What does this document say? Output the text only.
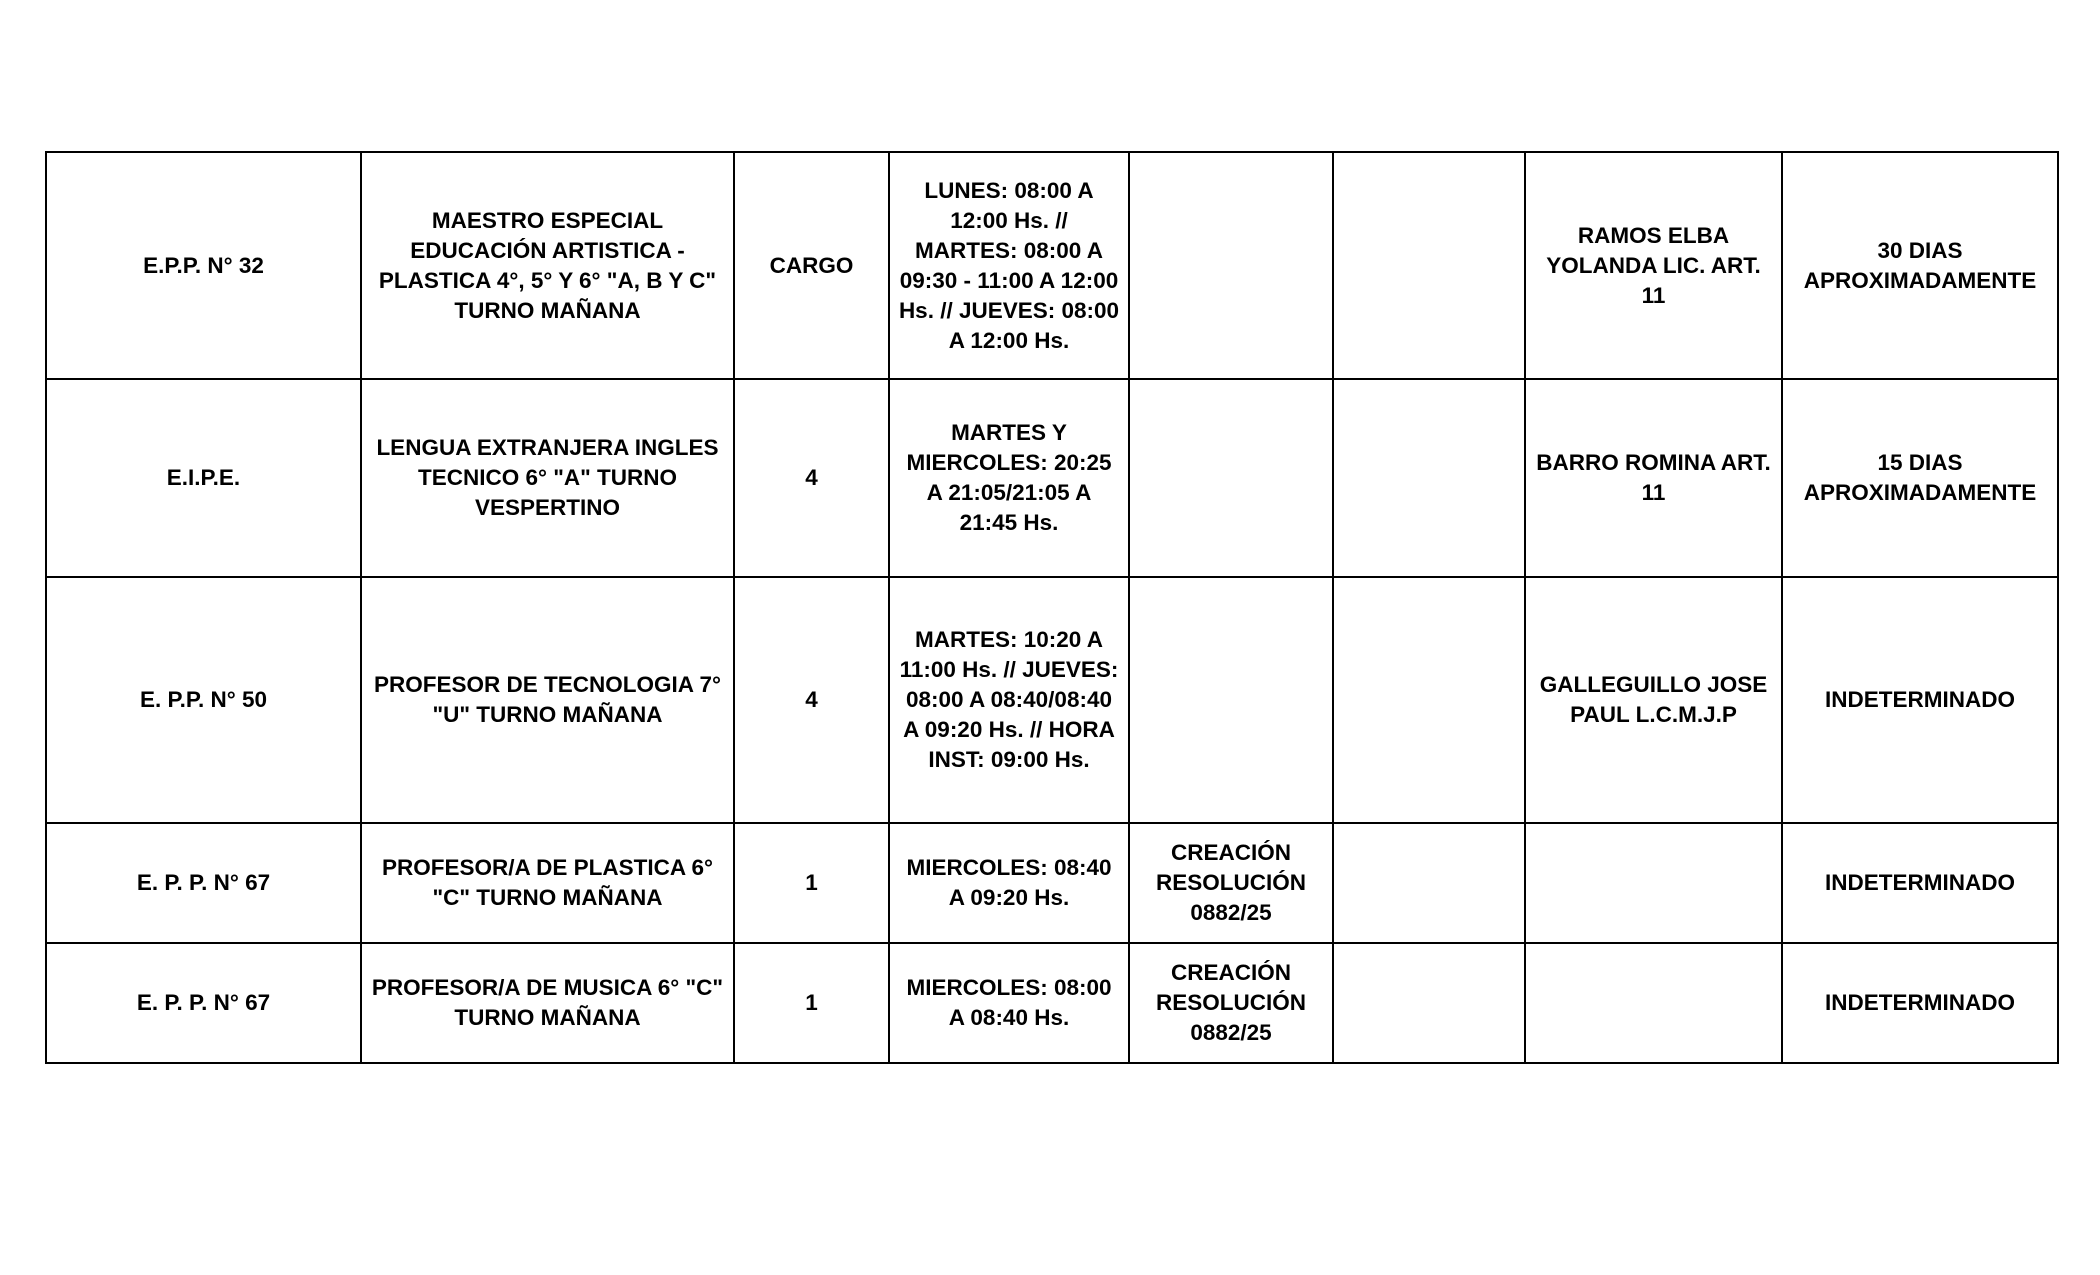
E.P.P. N° 32	MAESTRO ESPECIAL EDUCACIÓN ARTISTICA - PLASTICA 4°, 5° Y 6° "A, B Y C" TURNO MAÑANA	CARGO	LUNES: 08:00 A 12:00 Hs. // MARTES: 08:00 A 09:30 - 11:00 A 12:00 Hs. // JUEVES: 08:00 A 12:00 Hs.			RAMOS ELBA YOLANDA LIC. ART. 11	30 DIAS APROXIMADAMENTE
E.I.P.E.	LENGUA EXTRANJERA INGLES TECNICO 6° "A" TURNO VESPERTINO	4	MARTES Y MIERCOLES: 20:25 A 21:05/21:05 A 21:45 Hs.			BARRO ROMINA ART. 11	15 DIAS APROXIMADAMENTE
E. P.P. N° 50	PROFESOR DE TECNOLOGIA 7° "U" TURNO MAÑANA	4	MARTES: 10:20 A 11:00 Hs. // JUEVES: 08:00 A 08:40/08:40 A 09:20 Hs. // HORA INST: 09:00 Hs.			GALLEGUILLO JOSE PAUL L.C.M.J.P	INDETERMINADO
E. P. P. N° 67	PROFESOR/A DE PLASTICA 6° "C" TURNO MAÑANA	1	MIERCOLES: 08:40 A 09:20 Hs.	CREACIÓN RESOLUCIÓN 0882/25			INDETERMINADO
E. P. P. N° 67	PROFESOR/A DE MUSICA 6° "C" TURNO MAÑANA	1	MIERCOLES: 08:00 A 08:40 Hs.	CREACIÓN RESOLUCIÓN 0882/25			INDETERMINADO
